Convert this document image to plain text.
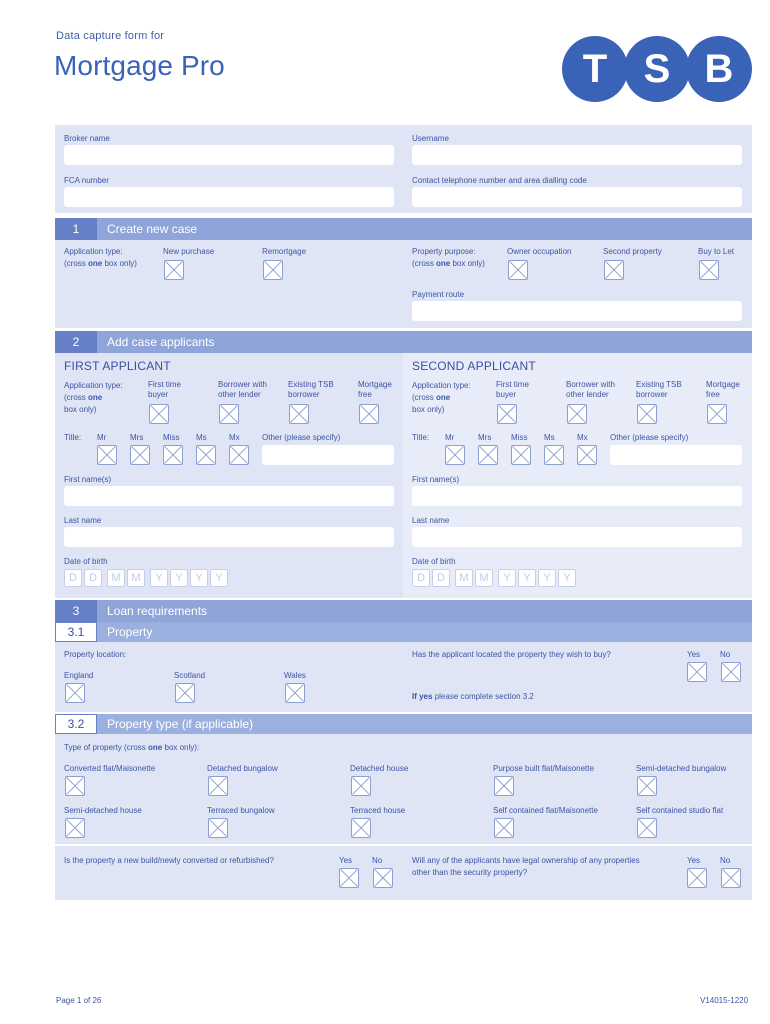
Data capture form for
Mortgage Pro	T S B
Broker name	Username
FCA number	Contact telephone number and area dialling code
1	Create new case
Application type:
(cross one box only)
New purchase	Remortgage	Property purpose:
(cross one box only)
Owner occupation	Second property	Buy to Let
Payment route
2	Add case applicants
FIRST APPLICANT
Application type:
(cross one
box only)
First time
buyer
Borrower with
other lender
Existing TSB
borrower
Mortgage
free
Title: Mr	Mrs Miss Ms	Mx	Other (please specify)
First name(s)
Last name
Date of birth
D	D	M M	Y	Y	Y	Y
SECOND APPLICANT
Application type:
(cross one
box only)
First time
buyer
Borrower with
other lender
Existing TSB
borrower
Mortgage
free
Title: Mr	Mrs Miss Ms	Mx	Other (please specify)
First name(s)
Last name
Date of birth
D	D	M M	Y	Y	Y	Y
3	Loan requirements
3.1	Property
Property location:
England	Scotland	Wales
Has the applicant located the property they wish to buy?	Yes No
If yes please complete section 3.2
3.2	Property type (if applicable)
Type of property (cross one box only):
Converted flat/Maisonette	Detached bungalow	Detached house	Purpose built flat/Maisonette	Semi-detached bungalow
Semi-detached house	Terraced bungalow	Terraced house	Self contained flat/Maisonette	Self contained studio flat
Is the property a new build/newly converted or refurbished?	Yes No	Will any of the applicants have legal ownership of any properties
other than the security property?
Yes No
Page 1 of 26	V14015-1220
